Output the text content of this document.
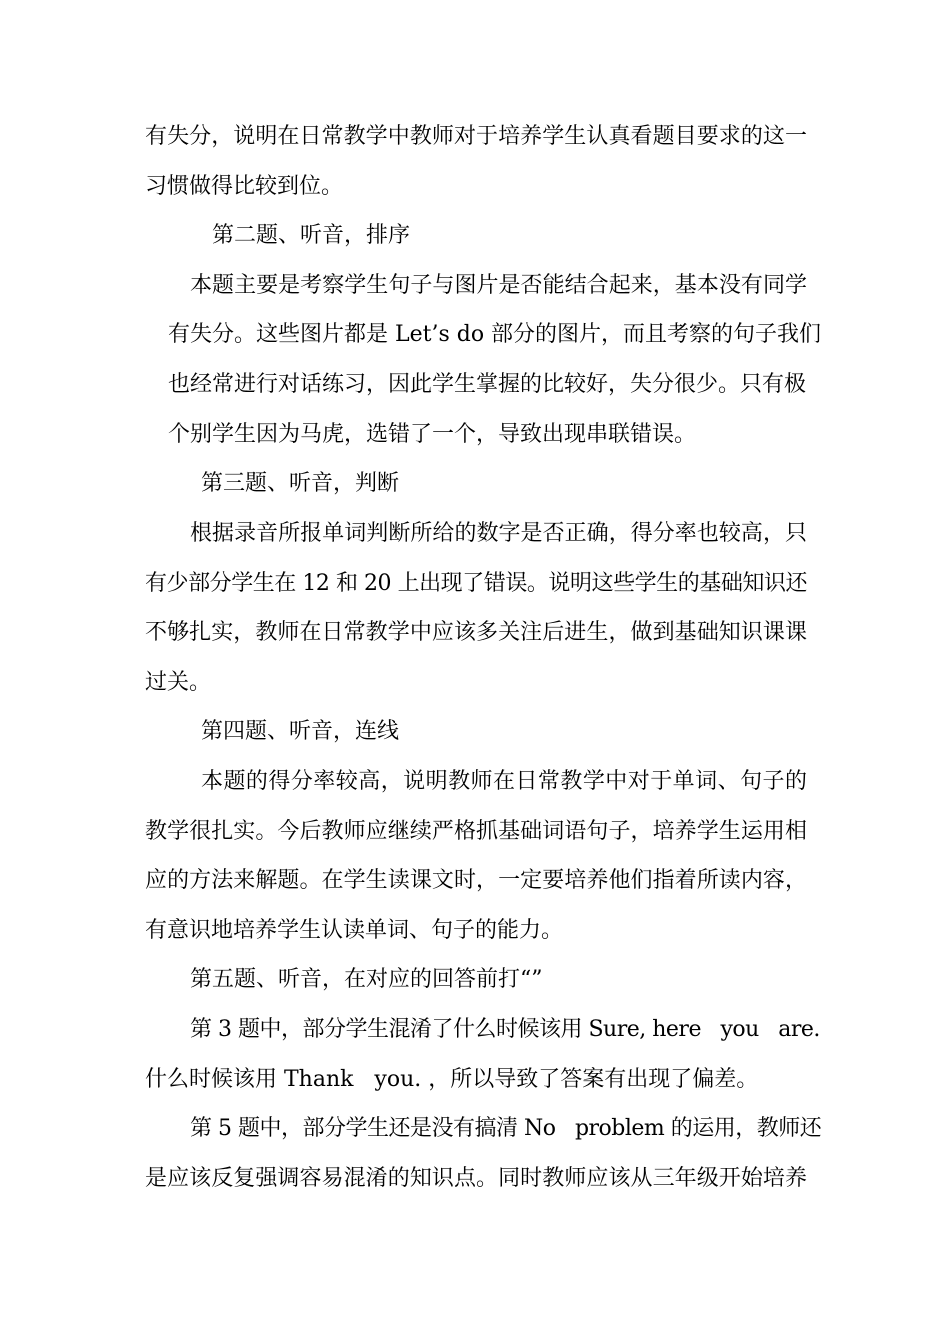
有失分，说明在日常教学中教师对于培养学生认真看题目要求的这一
习惯做得比较到位。
第二题、听音，排序
本题主要是考察学生句子与图片是否能结合起来，基本没有同学
有失分。这些图片都是 Let’s do 部分的图片，而且考察的句子我们
也经常进行对话练习，因此学生掌握的比较好，失分很少。只有极
个别学生因为马虎，选错了一个，导致出现串联错误。
第三题、听音，判断
根据录音所报单词判断所给的数字是否正确，得分率也较高，只
有少部分学生在 12 和 20 上出现了错误。说明这些学生的基础知识还
不够扎实，教师在日常教学中应该多关注后进生，做到基础知识课课
过关。
第四题、听音，连线
本题的得分率较高，说明教师在日常教学中对于单词、句子的
教学很扎实。今后教师应继续严格抓基础词语句子，培养学生运用相
应的方法来解题。在学生读课文时，一定要培养他们指着所读内容，
有意识地培养学生认读单词、句子的能力。
第五题、听音，在对应的回答前打“”
第 3 题中，部分学生混淆了什么时候该用 Sure, here   you   are.
什么时候该用 Thank   you. ，所以导致了答案有出现了偏差。
第 5 题中，部分学生还是没有搞清 No   problem 的运用，教师还
是应该反复强调容易混淆的知识点。同时教师应该从三年级开始培养
